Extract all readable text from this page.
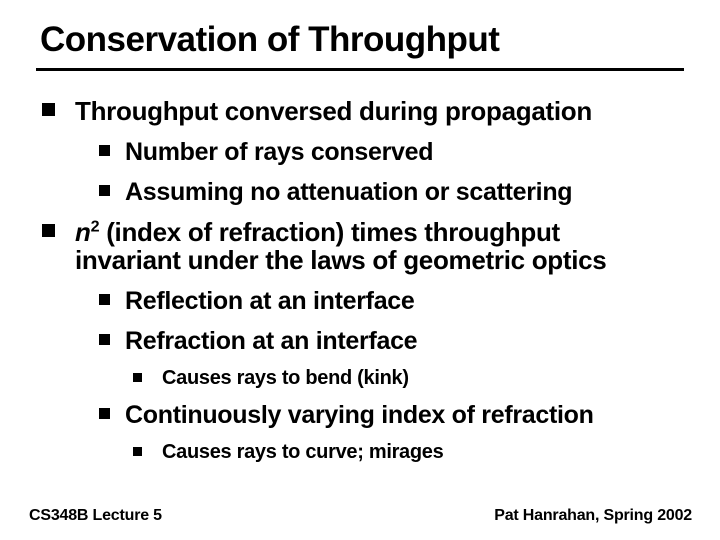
Conservation of Throughput
Throughput conversed during propagation
Number of rays conserved
Assuming no attenuation or scattering
$n^2$ (index of refraction) times throughput
invariant under the laws of geometric optics
Reflection at an interface
Refraction at an interface
Causes rays to bend (kink)
Continuously varying index of refraction
Causes rays to curve; mirages
CS348B Lecture 5	Pat Hanrahan, Spring 2002
